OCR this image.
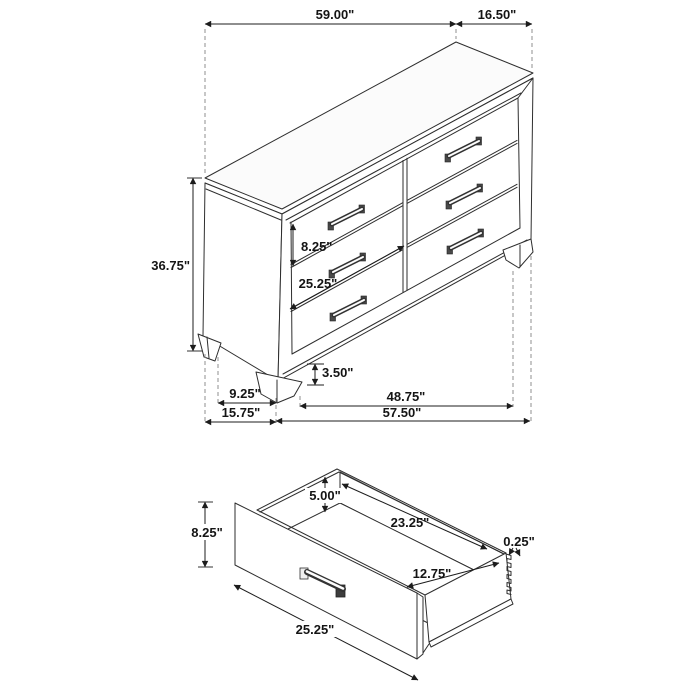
59.00"	16.50"
36.75"
8.25"
25.25"
3.50"
9.25"
15.75"
48.75"
57.50"
8.25"
5.00"
23.25"
12.75"
0.25"
25.25"
